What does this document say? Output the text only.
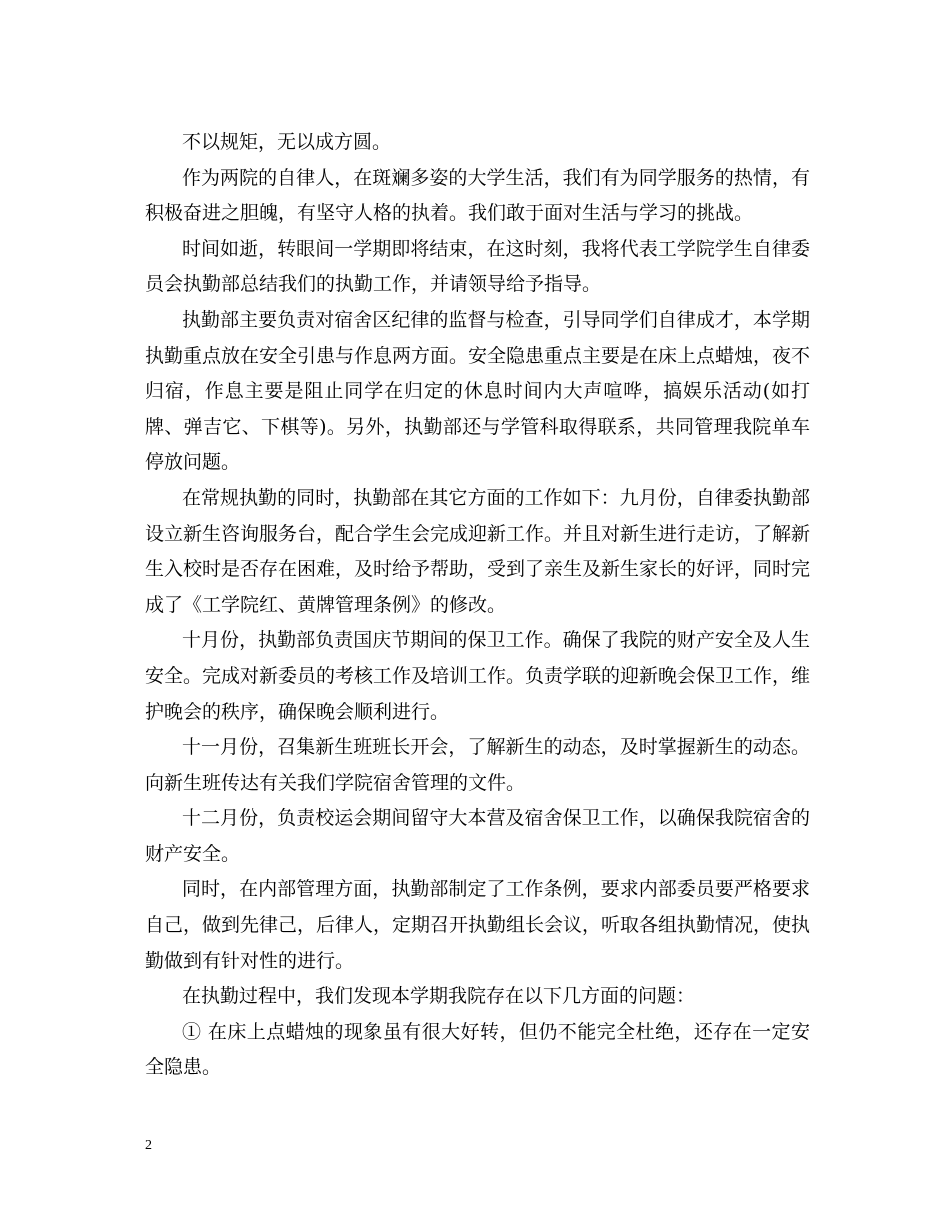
不以规矩，无以成方圆。

作为两院的自律人，在斑斓多姿的大学生活，我们有为同学服务的热情，有积极奋进之胆魄，有坚守人格的执着。我们敢于面对生活与学习的挑战。

时间如逝，转眼间一学期即将结束，在这时刻，我将代表工学院学生自律委员会执勤部总结我们的执勤工作，并请领导给予指导。

执勤部主要负责对宿舍区纪律的监督与检查，引导同学们自律成才，本学期执勤重点放在安全引患与作息两方面。安全隐患重点主要是在床上点蜡烛，夜不归宿，作息主要是阻止同学在归定的休息时间内大声喧哗，搞娱乐活动(如打牌、弹吉它、下棋等)。另外，执勤部还与学管科取得联系，共同管理我院单车停放问题。

在常规执勤的同时，执勤部在其它方面的工作如下：九月份，自律委执勤部设立新生咨询服务台，配合学生会完成迎新工作。并且对新生进行走访，了解新生入校时是否存在困难，及时给予帮助，受到了亲生及新生家长的好评，同时完成了《工学院红、黄牌管理条例》的修改。

十月份，执勤部负责国庆节期间的保卫工作。确保了我院的财产安全及人生安全。完成对新委员的考核工作及培训工作。负责学联的迎新晚会保卫工作，维护晚会的秩序，确保晚会顺利进行。

十一月份，召集新生班班长开会，了解新生的动态，及时掌握新生的动态。向新生班传达有关我们学院宿舍管理的文件。

十二月份，负责校运会期间留守大本营及宿舍保卫工作，以确保我院宿舍的财产安全。

同时，在内部管理方面，执勤部制定了工作条例，要求内部委员要严格要求自己，做到先律己，后律人，定期召开执勤组长会议，听取各组执勤情况，使执勤做到有针对性的进行。

在执勤过程中，我们发现本学期我院存在以下几方面的问题：

① 在床上点蜡烛的现象虽有很大好转，但仍不能完全杜绝，还存在一定安全隐患。

2
